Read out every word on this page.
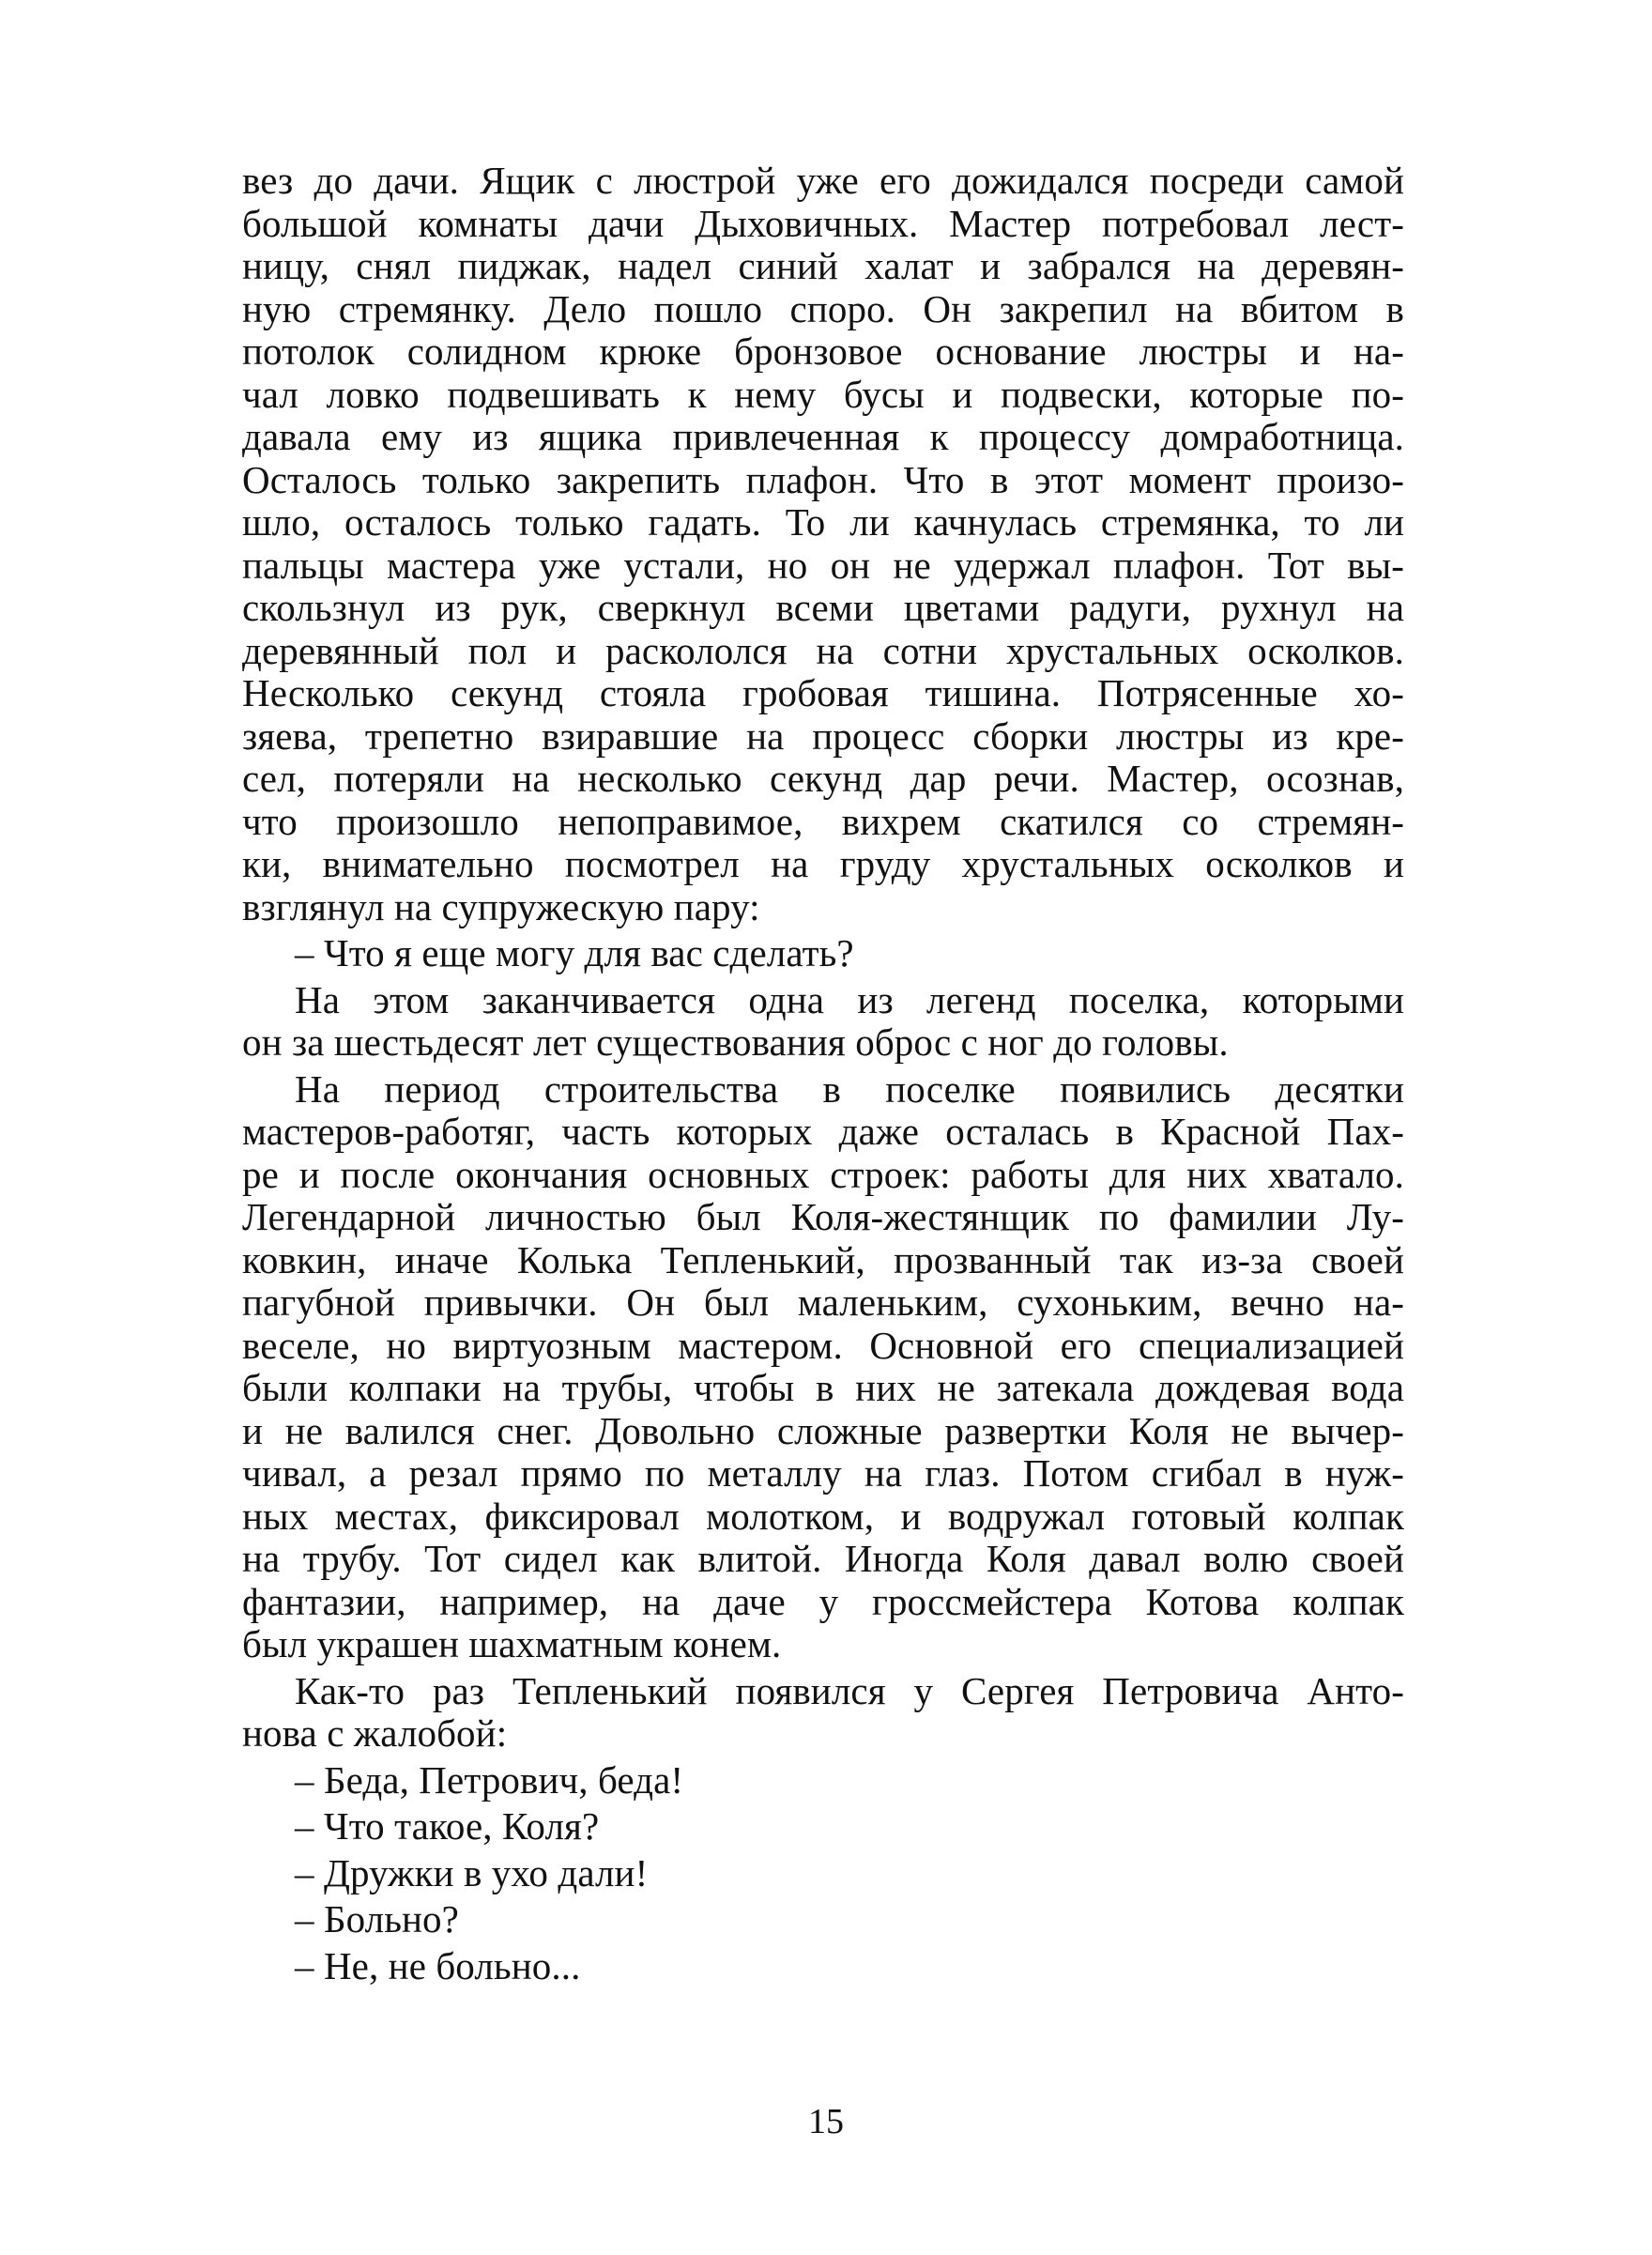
вез до дачи. Ящик с люстрой уже его дожидался посреди самой
большой комнаты дачи Дыховичных. Мастер потребовал лест-
ницу, снял пиджак, надел синий халат и забрался на деревян-
ную стремянку. Дело пошло споро. Он закрепил на вбитом в
потолок солидном крюке бронзовое основание люстры и на-
чал ловко подвешивать к нему бусы и подвески, которые по-
давала ему из ящика привлеченная к процессу домработница.
Осталось только закрепить плафон. Что в этот момент произо-
шло, осталось только гадать. То ли качнулась стремянка, то ли
пальцы мастера уже устали, но он не удержал плафон. Тот вы-
скользнул из рук, сверкнул всеми цветами радуги, рухнул на
деревянный пол и раскололся на сотни хрустальных осколков.
Несколько секунд стояла гробовая тишина. Потрясенные хо-
зяева, трепетно взиравшие на процесс сборки люстры из кре-
сел, потеряли на несколько секунд дар речи. Мастер, осознав,
что произошло непоправимое, вихрем скатился со стремян-
ки, внимательно посмотрел на груду хрустальных осколков и
взглянул на супружескую пару:
– Что я еще могу для вас сделать?
На этом заканчивается одна из легенд поселка, которыми
он за шестьдесят лет существования оброс с ног до головы.
На период строительства в поселке появились десятки
мастеров-работяг, часть которых даже осталась в Красной Пах-
ре и после окончания основных строек: работы для них хватало.
Легендарной личностью был Коля-жестянщик по фамилии Лу-
ковкин, иначе Колька Тепленький, прозванный так из-за своей
пагубной привычки. Он был маленьким, сухоньким, вечно на-
веселе, но виртуозным мастером. Основной его специализацией
были колпаки на трубы, чтобы в них не затекала дождевая вода
и не валился снег. Довольно сложные развертки Коля не вычер-
чивал, а резал прямо по металлу на глаз. Потом сгибал в нуж-
ных местах, фиксировал молотком, и водружал готовый колпак
на трубу. Тот сидел как влитой. Иногда Коля давал волю своей
фантазии, например, на даче у гроссмейстера Котова колпак
был украшен шахматным конем.
Как-то раз Тепленький появился у Сергея Петровича Анто-
нова с жалобой:
– Беда, Петрович, беда!
– Что такое, Коля?
– Дружки в ухо дали!
– Больно?
– Не, не больно...
15
